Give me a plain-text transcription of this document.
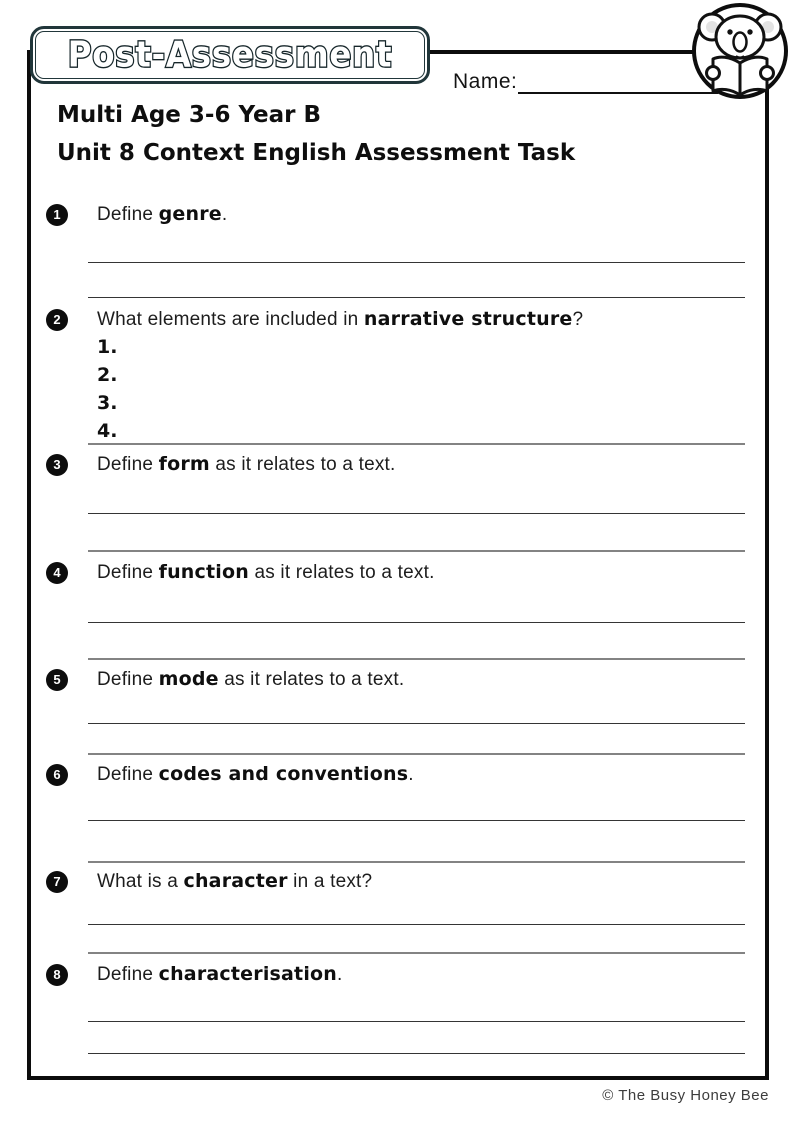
Post-Assessment
Name:
Multi Age 3-6 Year B
Unit 8 Context English Assessment Task
1	Define genre.
2	What elements are included in narrative structure?
1.
2.
3.
4.
3	Define form as it relates to a text.
4	Define function as it relates to a text.
5	Define mode as it relates to a text.
6	Define codes and conventions.
7	What is a character in a text?
8	Define characterisation.
© The Busy Honey Bee
